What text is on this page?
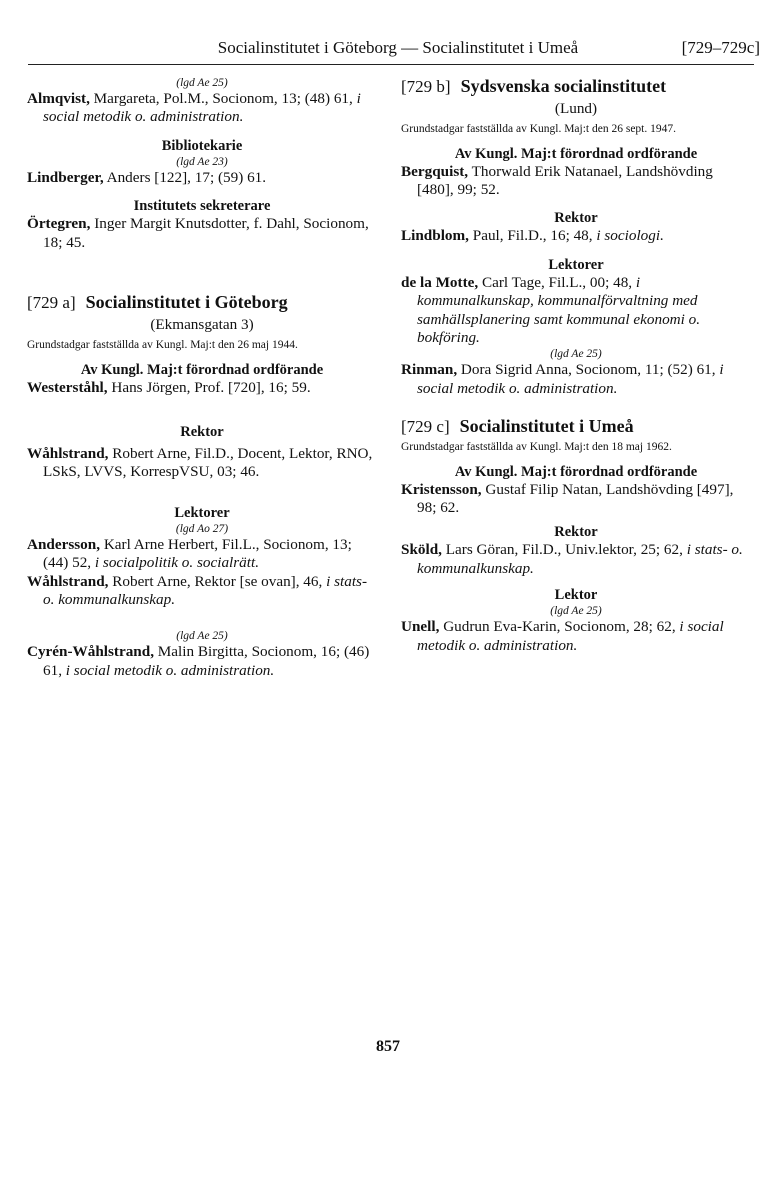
Socialinstitutet i Göteborg — Socialinstitutet i Umeå	[729–729c]
(lgd Ae 25)

Almqvist, Margareta, Pol.M., Socionom, 13; (48) 61, i social metodik o. administration.

Bibliotekarie
(lgd Ae 23)

Lindberger, Anders [122], 17; (59) 61.

Institutets sekreterare

Örtegren, Inger Margit Knutsdotter, f. Dahl, Socionom, 18; 45.

[729 a] Socialinstitutet i Göteborg
(Ekmansgatan 3)
Grundstadgar fastställda av Kungl. Maj:t den 26 maj 1944.
Av Kungl. Maj:t förordnad ordförande

Westerståhl, Hans Jörgen, Prof. [720], 16; 59.

Rektor

Wåhlstrand, Robert Arne, Fil.D., Docent, Lektor, RNO, LSkS, LVVS, KorrespVSU, 03; 46.

Lektorer
(lgd Ao 27)

Andersson, Karl Arne Herbert, Fil.L., Socionom, 13; (44) 52, i socialpolitik o. socialrätt.

Wåhlstrand, Robert Arne, Rektor [se ovan], 46, i stats- o. kommunalkunskap.

(lgd Ae 25)

Cyrén-Wåhlstrand, Malin Birgitta, Socionom, 16; (46) 61, i social metodik o. administration.

[729 b] Sydsvenska socialinstitutet
(Lund)
Grundstadgar fastställda av Kungl. Maj:t den 26 sept. 1947.
Av Kungl. Maj:t förordnad ordförande

Bergquist, Thorwald Erik Natanael, Landshövding [480], 99; 52.

Rektor

Lindblom, Paul, Fil.D., 16; 48, i sociologi.

Lektorer

de la Motte, Carl Tage, Fil.L., 00; 48, i kommunalkunskap, kommunalförvaltning med samhällsplanering samt kommunal ekonomi o. bokföring.

(lgd Ae 25)

Rinman, Dora Sigrid Anna, Socionom, 11; (52) 61, i social metodik o. administration.

[729 c] Socialinstitutet i Umeå
Grundstadgar fastställda av Kungl. Maj:t den 18 maj 1962.
Av Kungl. Maj:t förordnad ordförande

Kristensson, Gustaf Filip Natan, Landshövding [497], 98; 62.

Rektor

Sköld, Lars Göran, Fil.D., Univ.lektor, 25; 62, i stats- o. kommunalkunskap.

Lektor
(lgd Ae 25)

Unell, Gudrun Eva-Karin, Socionom, 28; 62, i social metodik o. administration.

857
